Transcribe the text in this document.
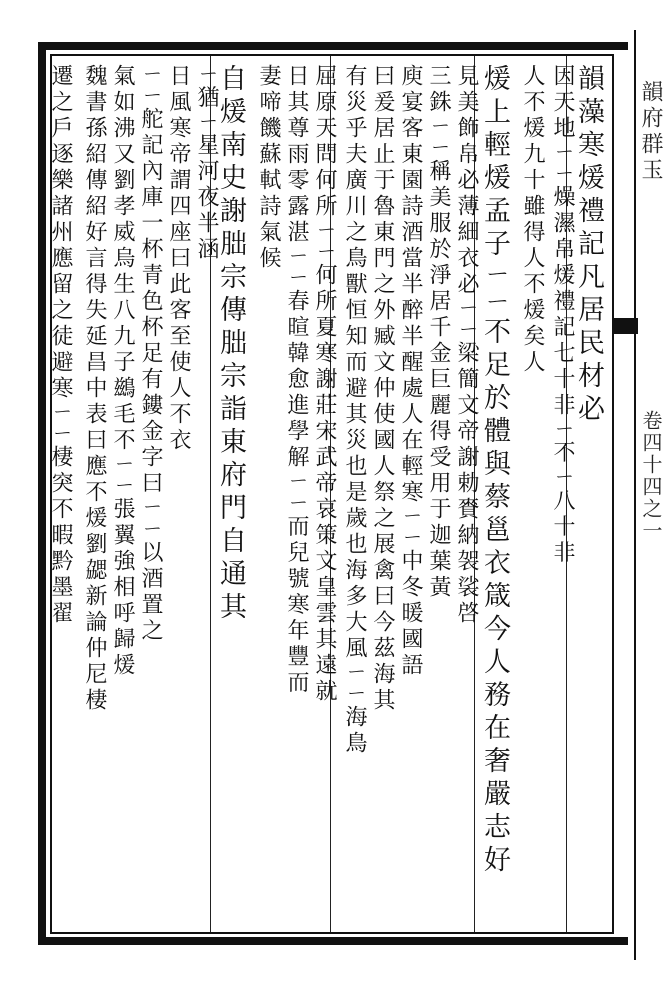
韻府群玉
卷四十四之一
韻藻寒煖禮記凡居民材必
因天地ㄧㄧ燥濕帛煖禮記七十非ㄧ不ㄧ八十非
人不煖九十雖得人不煖矣人
煖上輕煖孟子ㄧㄧ不足於體與蔡邕衣箴今人務在奢嚴志好
見美飾帛必薄細衣必ㄧㄧ梁簡文帝謝勅賚納袈裟啓
三銖ㄧㄧ稱美服於淨居千金巨麗得受用于迦葉黃
庾宴客東園詩酒當半醉半醒處人在輕寒ㄧㄧ中冬暖國語
曰爰居止于魯東門之外臧文仲使國人祭之展禽曰今茲海其
有災乎夫廣川之鳥獸恒知而避其災也是歲也海多大風ㄧㄧ海鳥
屈原天問何所ㄧㄧ何所夏寒謝莊宋武帝哀策文皇雲其遠就
日其尊雨零露湛ㄧㄧ春暄韓愈進學解ㄧㄧ而兒號寒年豐而
妻啼饑蘇軾詩氣候
自煖南史謝朏宗傳朏宗詣東府門自通其
ㄧ猶ㄧ星河夜半涵
日風寒帝謂四座曰此客至使人不衣
ㄧㄧ舵記內庫一杯青色杯足有鏤金字曰ㄧㄧ以酒置之
氣如沸又劉孝威烏生八九子鷀毛不ㄧㄧ張翼強相呼歸煖
魏書孫紹傳紹好言得失延昌中表曰應不煖劉勰新論仲尼棲
遷之戶逐樂諸州應留之徒避寒ㄧㄧ棲突不暇黔墨翟
